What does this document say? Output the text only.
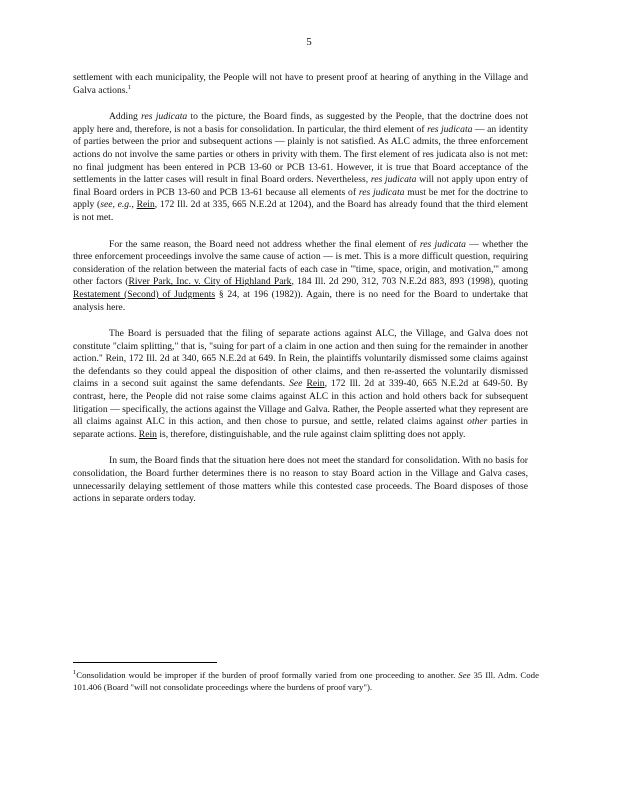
5

settlement with each municipality, the People will not have to present proof at hearing of anything in the Village and Galva actions.$^1$

Adding res judicata to the picture, the Board finds, as suggested by the People, that the doctrine does not apply here and, therefore, is not a basis for consolidation. In particular, the third element of res judicata — an identity of parties between the prior and subsequent actions — plainly is not satisfied. As ALC admits, the three enforcement actions do not involve the same parties or others in privity with them. The first element of res judicata also is not met: no final judgment has been entered in PCB 13-60 or PCB 13-61. However, it is true that Board acceptance of the settlements in the latter cases will result in final Board orders. Nevertheless, res judicata will not apply upon entry of final Board orders in PCB 13-60 and PCB 13-61 because all elements of res judicata must be met for the doctrine to apply (see, e.g., Rein, 172 Ill. 2d at 335, 665 N.E.2d at 1204), and the Board has already found that the third element is not met.

For the same reason, the Board need not address whether the final element of res judicata — whether the three enforcement proceedings involve the same cause of action — is met. This is a more difficult question, requiring consideration of the relation between the material facts of each case in "'time, space, origin, and motivation,'" among other factors (River Park, Inc. v. City of Highland Park, 184 Ill. 2d 290, 312, 703 N.E.2d 883, 893 (1998), quoting Restatement (Second) of Judgments § 24, at 196 (1982)). Again, there is no need for the Board to undertake that analysis here.

The Board is persuaded that the filing of separate actions against ALC, the Village, and Galva does not constitute "claim splitting," that is, "suing for part of a claim in one action and then suing for the remainder in another action." Rein, 172 Ill. 2d at 340, 665 N.E.2d at 649. In Rein, the plaintiffs voluntarily dismissed some claims against the defendants so they could appeal the disposition of other claims, and then re-asserted the voluntarily dismissed claims in a second suit against the same defendants. See Rein, 172 Ill. 2d at 339-40, 665 N.E.2d at 649-50. By contrast, here, the People did not raise some claims against ALC in this action and hold others back for subsequent litigation — specifically, the actions against the Village and Galva. Rather, the People asserted what they represent are all claims against ALC in this action, and then chose to pursue, and settle, related claims against other parties in separate actions. Rein is, therefore, distinguishable, and the rule against claim splitting does not apply.

In sum, the Board finds that the situation here does not meet the standard for consolidation. With no basis for consolidation, the Board further determines there is no reason to stay Board action in the Village and Galva cases, unnecessarily delaying settlement of those matters while this contested case proceeds. The Board disposes of those actions in separate orders today.

$^1$Consolidation would be improper if the burden of proof formally varied from one proceeding to another. See 35 Ill. Adm. Code 101.406 (Board "will not consolidate proceedings where the burdens of proof vary").
